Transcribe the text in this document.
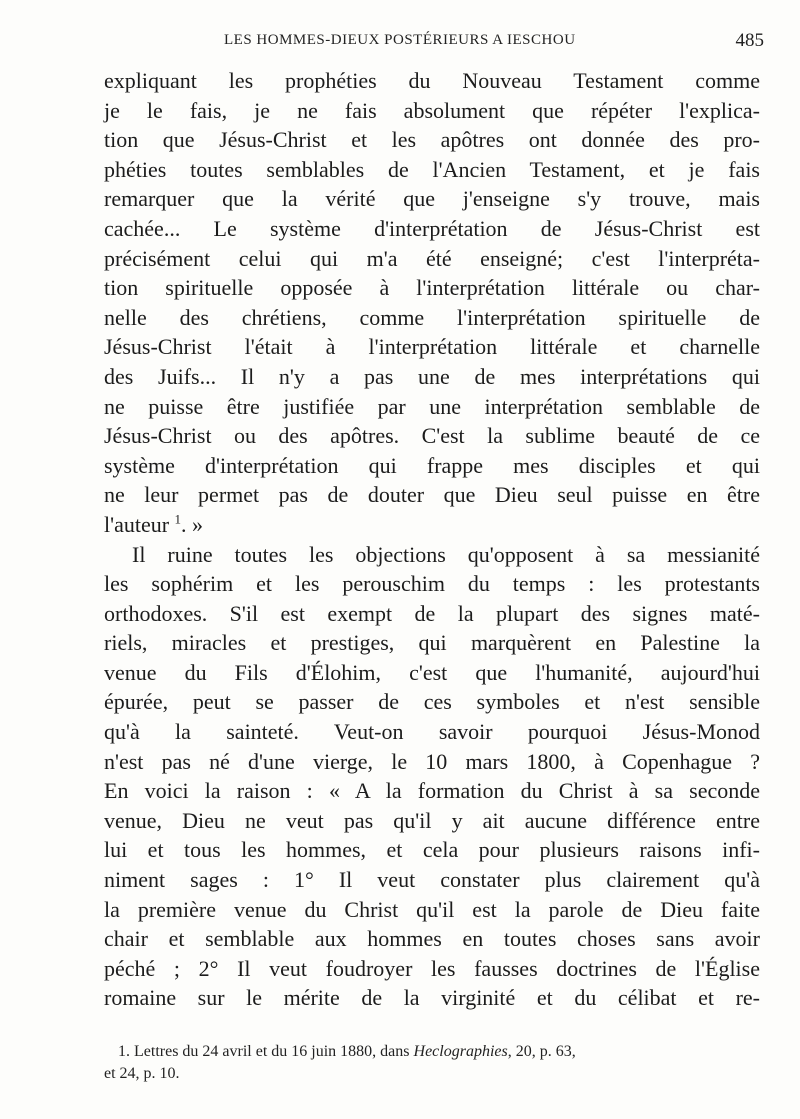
LES HOMMES-DIEUX POSTÉRIEURS A IESCHOU	485
expliquant les prophéties du Nouveau Testament comme
je le fais, je ne fais absolument que répéter l'explica-
tion que Jésus-Christ et les apôtres ont donnée des pro-
phéties toutes semblables de l'Ancien Testament, et je fais
remarquer que la vérité que j'enseigne s'y trouve, mais
cachée... Le système d'interprétation de Jésus-Christ est
précisément celui qui m'a été enseigné; c'est l'interpréta-
tion spirituelle opposée à l'interprétation littérale ou char-
nelle des chrétiens, comme l'interprétation spirituelle de
Jésus-Christ l'était à l'interprétation littérale et charnelle
des Juifs... Il n'y a pas une de mes interprétations qui
ne puisse être justifiée par une interprétation semblable de
Jésus-Christ ou des apôtres. C'est la sublime beauté de ce
système d'interprétation qui frappe mes disciples et qui
ne leur permet pas de douter que Dieu seul puisse en être
l'auteur $^1$. »
Il ruine toutes les objections qu'opposent à sa messianité
les sophérim et les perouschim du temps : les protestants
orthodoxes. S'il est exempt de la plupart des signes maté-
riels, miracles et prestiges, qui marquèrent en Palestine la
venue du Fils d'Élohim, c'est que l'humanité, aujourd'hui
épurée, peut se passer de ces symboles et n'est sensible
qu'à la sainteté. Veut-on savoir pourquoi Jésus-Monod
n'est pas né d'une vierge, le 10 mars 1800, à Copenhague ?
En voici la raison : « A la formation du Christ à sa seconde
venue, Dieu ne veut pas qu'il y ait aucune différence entre
lui et tous les hommes, et cela pour plusieurs raisons infi-
niment sages : 1° Il veut constater plus clairement qu'à
la première venue du Christ qu'il est la parole de Dieu faite
chair et semblable aux hommes en toutes choses sans avoir
péché ; 2° Il veut foudroyer les fausses doctrines de l'Église
romaine sur le mérite de la virginité et du célibat et re-
1. Lettres du 24 avril et du 16 juin 1880, dans Heclographies, 20, p. 63,
et 24, p. 10.
